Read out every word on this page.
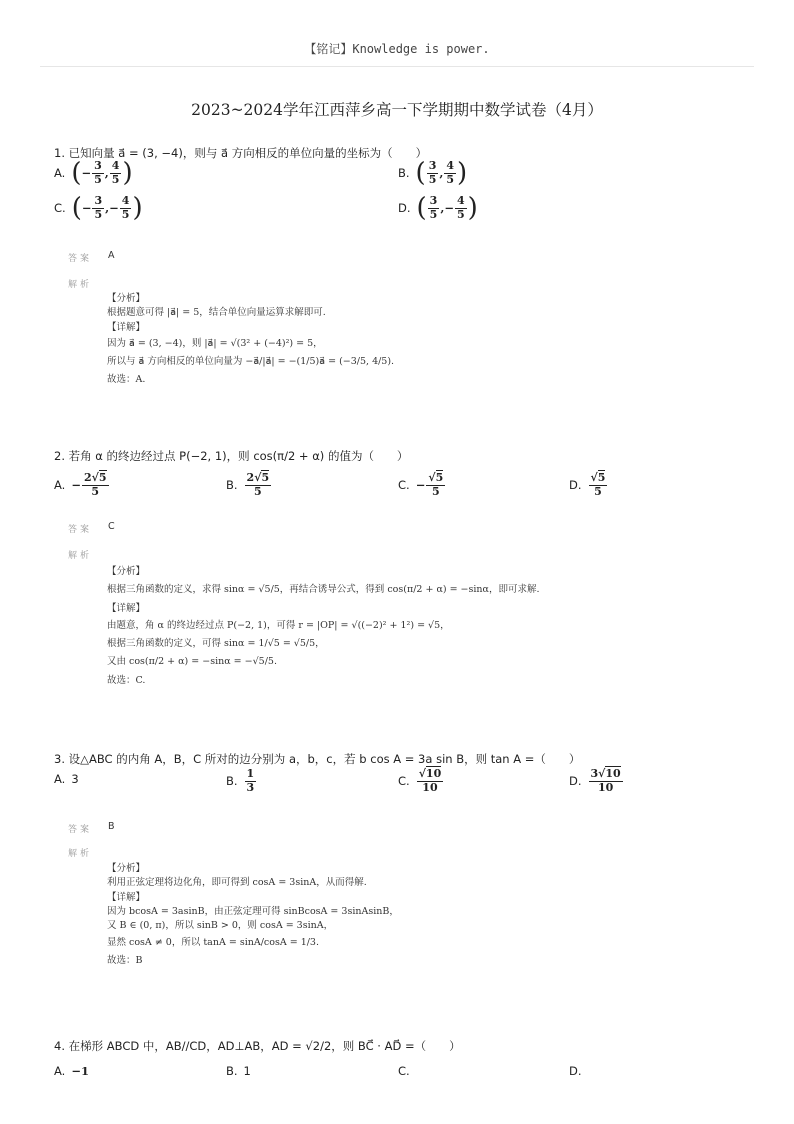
【铭记】Knowledge is power.
2023~2024学年江西萍乡高一下学期期中数学试卷（4月）
1. 已知向量 a⃗ = (3, −4)，则与 a⃗ 方向相反的单位向量的坐标为（　　）
A. ( − $\frac{3}{5}$ , $\frac{4}{5}$ )	B. ( $\frac{3}{5}$ , $\frac{4}{5}$ )
C. ( − $\frac{3}{5}$ ,− $\frac{4}{5}$ )	D. ( $\frac{3}{5}$ ,− $\frac{4}{5}$ )
答案 A
解析
【分析】
根据题意可得 |a⃗| = 5，结合单位向量运算求解即可.
【详解】
因为 a⃗ = (3, −4)，则 |a⃗| = √(3² + (−4)²) = 5，
所以与 a⃗ 方向相反的单位向量为 −a⃗/|a⃗| = −(1/5)a⃗ = (−3/5, 4/5).
故选：A.
2. 若角 α 的终边经过点 P(−2, 1)，则 cos(π/2 + α) 的值为（　　）
A. − $\frac{2√5}{5}$	B. $\frac{2√5}{5}$	C. − $\frac{√5}{5}$	D. $\frac{√5}{5}$
答案 C
解析
【分析】
根据三角函数的定义，求得 sinα = √5/5，再结合诱导公式，得到 cos(π/2 + α) = −sinα，即可求解.
【详解】
由题意，角 α 的终边经过点 P(−2, 1)，可得 r = |OP| = √((−2)² + 1²) = √5，
根据三角函数的定义，可得 sinα = 1/√5 = √5/5，
又由 cos(π/2 + α) = −sinα = −√5/5.
故选：C.
3. 设△ABC 的内角 A，B，C 所对的边分别为 a，b，c，若 b cos A = 3a sin B，则 tan A =（　　）
A. 3	B. $\frac{1}{3}$	C. $\frac{√10}{10}$	D. $\frac{3√10}{10}$
答案 B
解析
【分析】
利用正弦定理将边化角，即可得到 cosA = 3sinA，从而得解.
【详解】
因为 bcosA = 3asinB，由正弦定理可得 sinBcosA = 3sinAsinB，
又 B ∈ (0, π)，所以 sinB > 0，则 cosA = 3sinA，
显然 cosA ≠ 0，所以 tanA = sinA/cosA = 1/3.
故选：B
4. 在梯形 ABCD 中，AB//CD，AD⊥AB，AD = √2/2，则 BC⃗ · AD⃗ =（　　）
A. −1	B. 1	C.	D.
